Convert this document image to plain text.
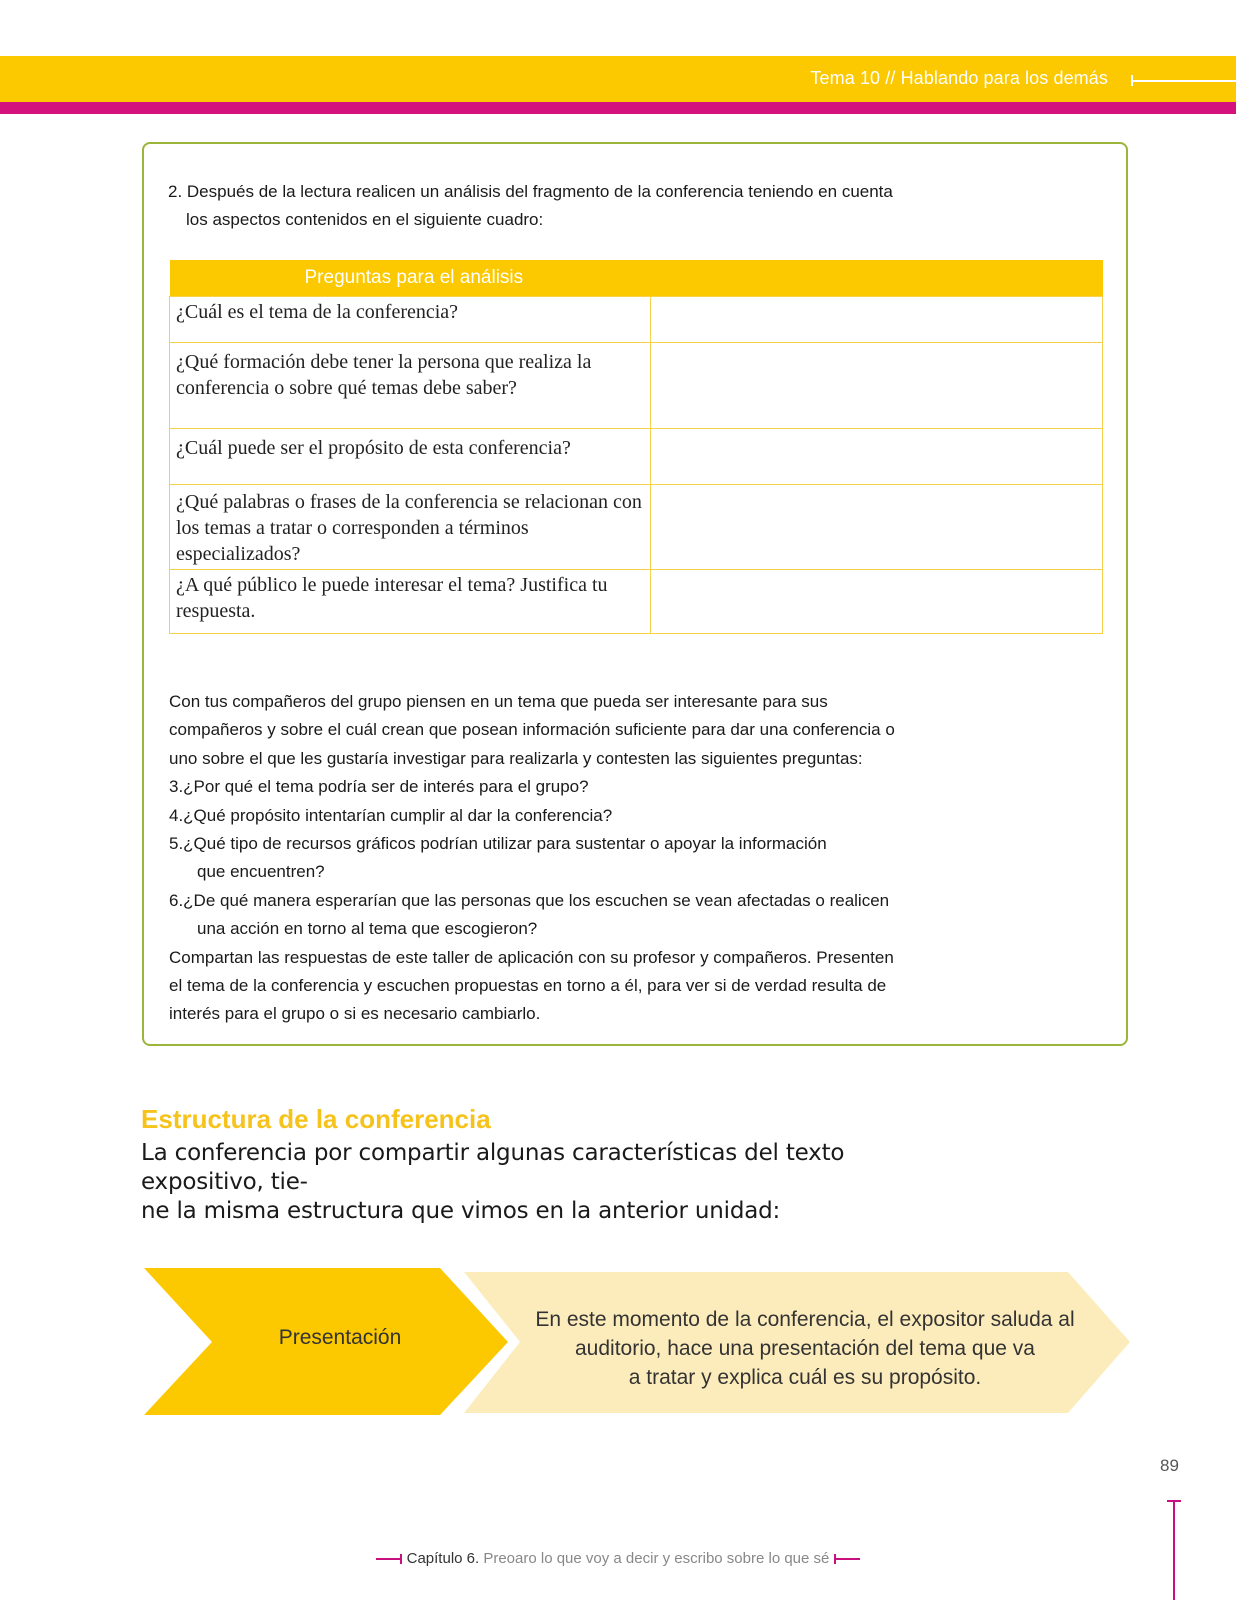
Tema 10 // Hablando para los demás
2. Después de la lectura realicen un análisis del fragmento de la conferencia teniendo en cuenta
los aspectos contenidos en el siguiente cuadro:
Preguntas para el análisis	
¿Cuál es el tema de la conferencia?	
¿Qué formación debe tener la persona que realiza la conferencia o sobre qué temas debe saber?	
¿Cuál puede ser el propósito de esta conferencia?	
¿Qué palabras o frases de la conferencia se relacionan con los temas a tratar o corresponden a términos especializados?	
¿A qué público le puede interesar el tema? Justifica tu respuesta.	

Con tus compañeros del grupo piensen en un tema que pueda ser interesante para sus compañeros y sobre el cuál crean que posean información suficiente para dar una conferencia o uno sobre el que les gustaría investigar para realizarla y contesten las siguientes preguntas:

3.¿Por qué el tema podría ser de interés para el grupo?

4.¿Qué propósito intentarían cumplir al dar la conferencia?

5.¿Qué tipo de recursos gráficos podrían utilizar para sustentar o apoyar la información

que encuentren?

6.¿De qué manera esperarían que las personas que los escuchen se vean afectadas o realicen

una acción en torno al tema que escogieron?

Compartan las respuestas de este taller de aplicación con su profesor y compañeros. Presenten el tema de la conferencia y escuchen propuestas en torno a él, para ver si de verdad resulta de interés para el grupo o si es necesario cambiarlo.

Estructura de la conferencia
La conferencia por compartir algunas características del texto expositivo, tie-
ne la misma estructura que vimos en la anterior unidad:
Presentación
En este momento de la conferencia, el expositor saluda al
auditorio, hace una presentación del tema que va
a tratar y explica cuál es su propósito.
89
Capítulo 6. Preoaro lo que voy a decir y escribo sobre lo que sé
